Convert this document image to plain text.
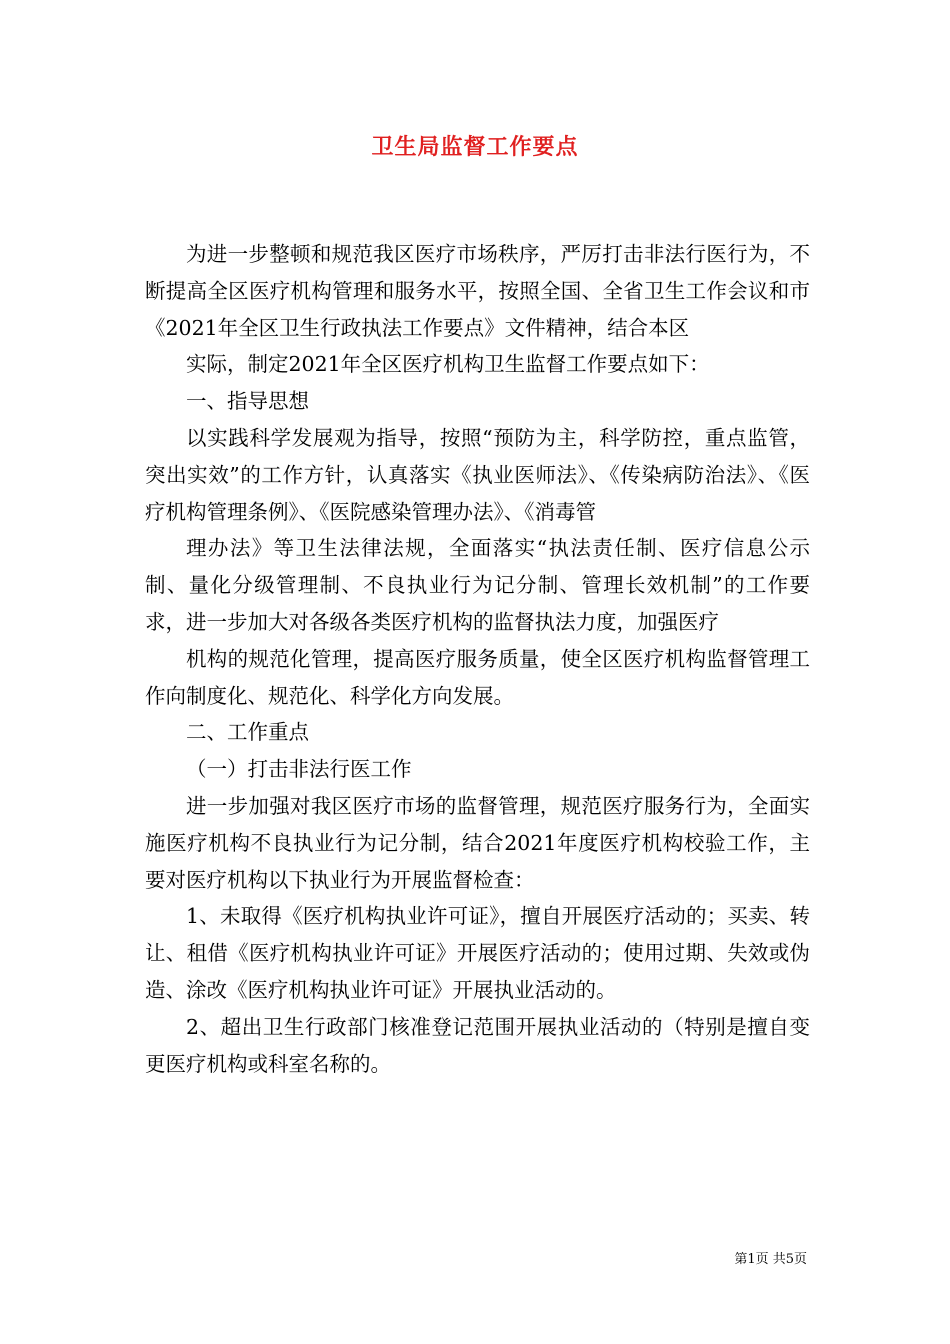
卫生局监督工作要点

为进一步整顿和规范我区医疗市场秩序，严厉打击非法行医行为，不断提高全区医疗机构管理和服务水平，按照全国、全省卫生工作会议和市《2021年全区卫生行政执法工作要点》文件精神，结合本区

实际，制定2021年全区医疗机构卫生监督工作要点如下：

一、指导思想

以实践科学发展观为指导，按照“预防为主，科学防控，重点监管，突出实效”的工作方针，认真落实《执业医师法》、《传染病防治法》、《医疗机构管理条例》、《医院感染管理办法》、《消毒管

理办法》等卫生法律法规，全面落实“执法责任制、医疗信息公示制、量化分级管理制、不良执业行为记分制、管理长效机制”的工作要求，进一步加大对各级各类医疗机构的监督执法力度，加强医疗

机构的规范化管理，提高医疗服务质量，使全区医疗机构监督管理工作向制度化、规范化、科学化方向发展。

二、工作重点

（一）打击非法行医工作

进一步加强对我区医疗市场的监督管理，规范医疗服务行为，全面实施医疗机构不良执业行为记分制，结合2021年度医疗机构校验工作，主要对医疗机构以下执业行为开展监督检查：

1、未取得《医疗机构执业许可证》，擅自开展医疗活动的；买卖、转让、租借《医疗机构执业许可证》开展医疗活动的；使用过期、失效或伪造、涂改《医疗机构执业许可证》开展执业活动的。

2、超出卫生行政部门核准登记范围开展执业活动的（特别是擅自变更医疗机构或科室名称的。

第1页 共5页
